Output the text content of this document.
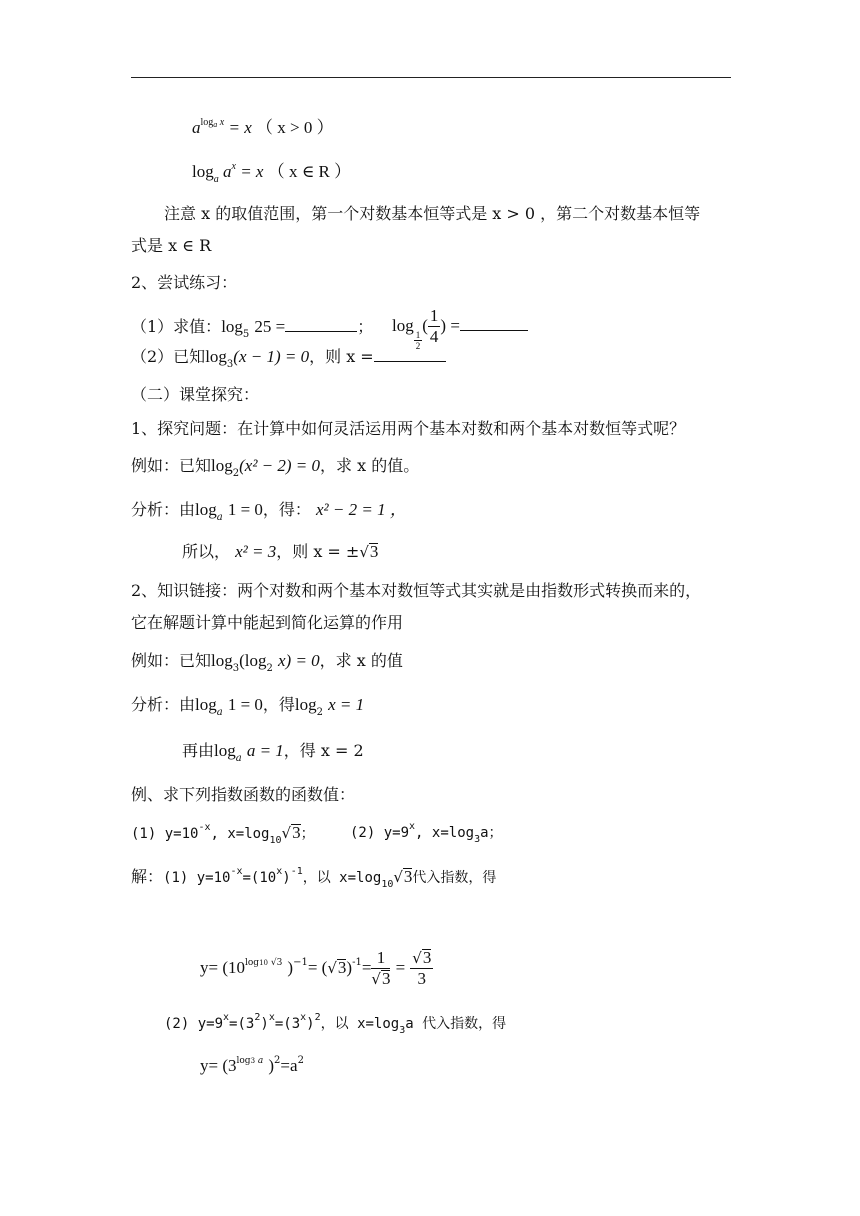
$a^{log_a x} = x$ （ x > 0 ）
$\log_a a^x = x$ （ x ∈ R ）
注意 x 的取值范围，第一个对数基本恒等式是 x > 0 ，第二个对数基本恒等
式是 x ∈ R
2、尝试练习：
（1）求值：$\log_5 25$ =	； log
$\frac{1}{2}$
( $\frac{1}{4}$ ) =
（2）已知$\log_3(x - 1) = 0$，则 x =
（二）课堂探究：
1、探究问题：在计算中如何灵活运用两个基本对数和两个基本对数恒等式呢？
例如：已知$\log_2(x^2 - 2) = 0$，求 x 的值。
分析：由$\log_a 1 = 0$，得： x² − 2 = 1 ，
所以， x² = 3，则 x = ±√3
2、知识链接：两个对数和两个基本对数恒等式其实就是由指数形式转换而来的，
它在解题计算中能起到简化运算的作用
例如：已知$\log_3(\log_2$ x) = 0，求 x 的值
分析：由$\log_a 1 = 0$，得$\log_2 x = 1$
再由$\log_a a = 1$，得 x = 2
例、求下列指数函数的函数值：
(1) $y=10^{-x}$, $x=\log_{10}√3$；	(2) $y=9^x$, $x=\log_3a$；
解：(1) $y=10^{-x}=(10^x)^{-1}$，以 $x=\log_{10}√3$代入指数，得
$y= (10^{log10 √3}$ )$^{-1}= (√3)^{-1}= \frac{1}{√3} = \frac{√3}{3}$
(2) $y=9^x=(3^2)^x=(3^x)^2$，以 $x=\log_3a$ 代入指数，得
$y= (3^{log3 a}$ )$^2=a^2$
